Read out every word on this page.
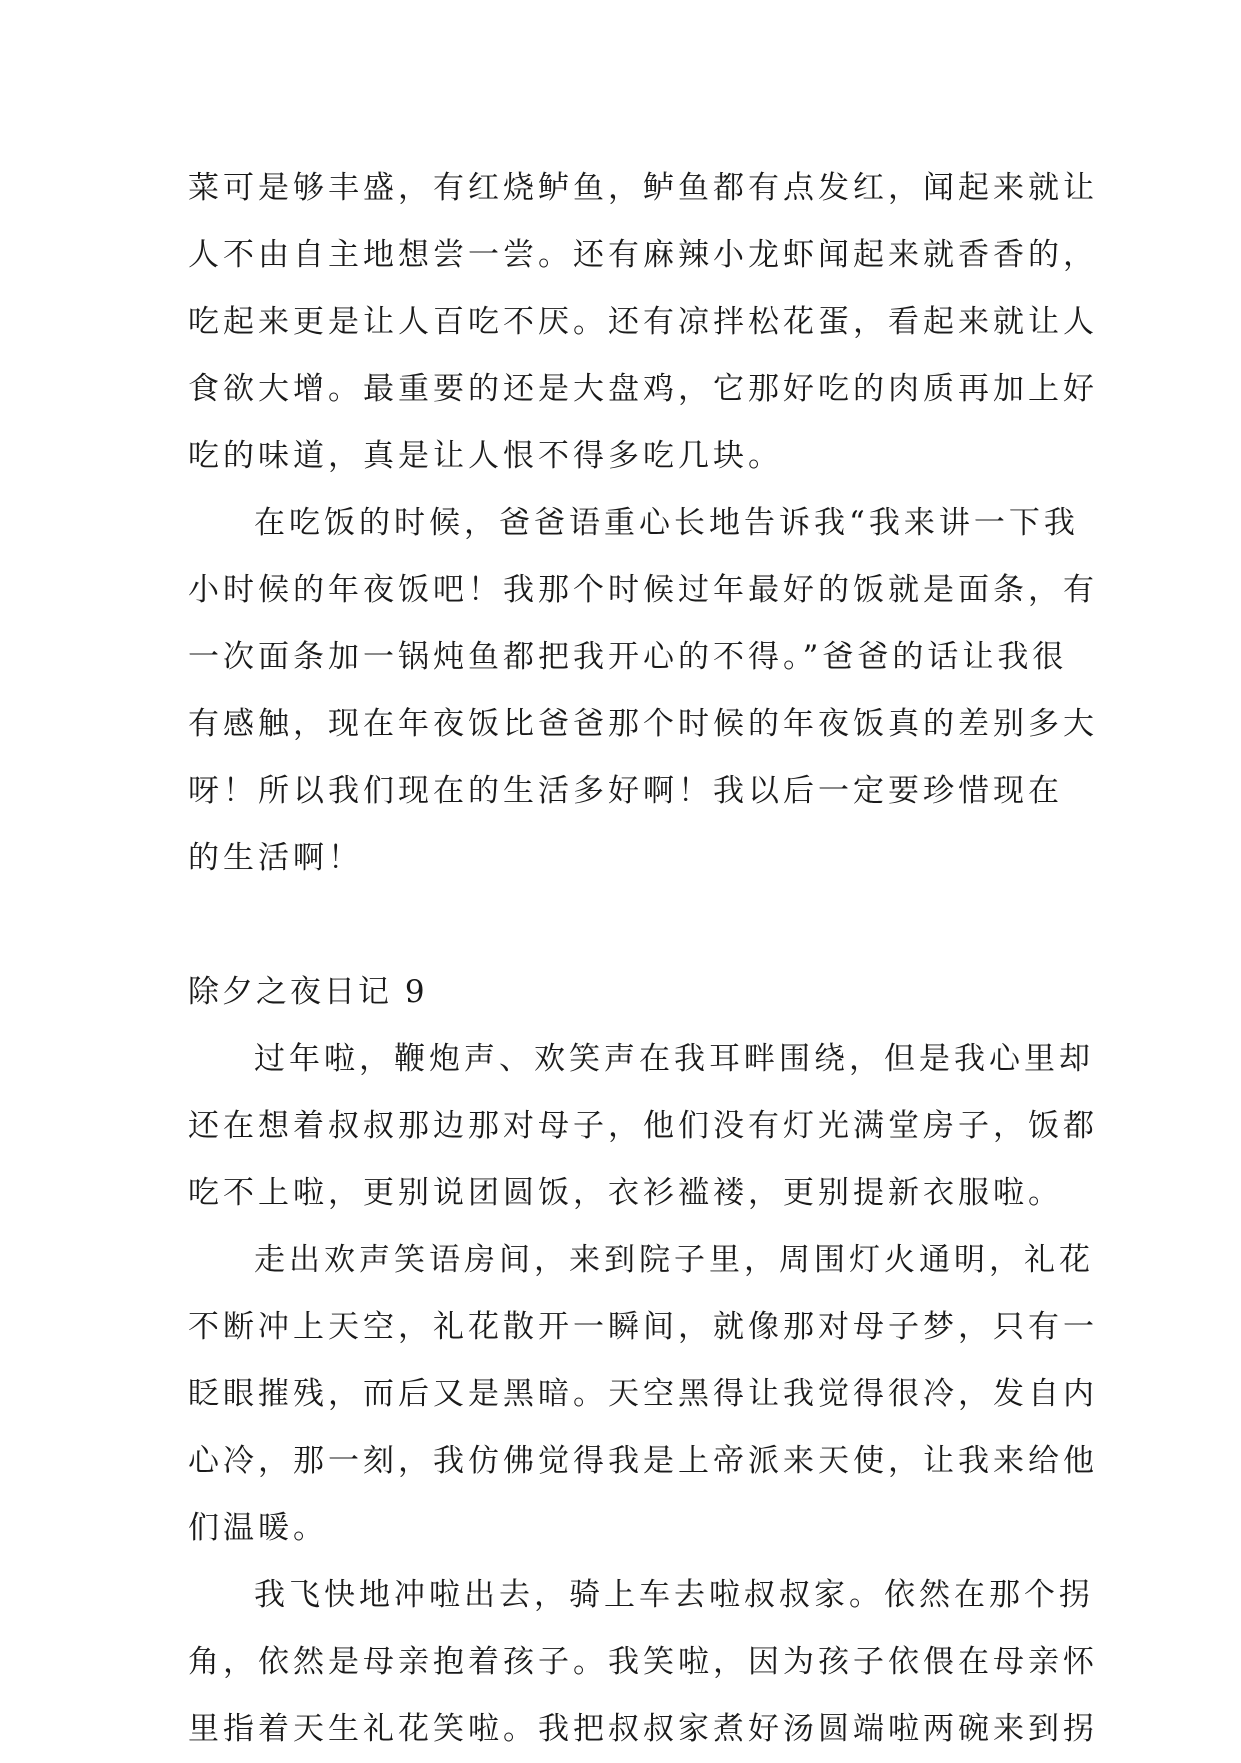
菜可是够丰盛，有红烧鲈鱼，鲈鱼都有点发红，闻起来就让
人不由自主地想尝一尝。还有麻辣小龙虾闻起来就香香的，
吃起来更是让人百吃不厌。还有凉拌松花蛋，看起来就让人
食欲大增。最重要的还是大盘鸡，它那好吃的肉质再加上好
吃的味道，真是让人恨不得多吃几块。
在吃饭的时候，爸爸语重心长地告诉我“我来讲一下我
小时候的年夜饭吧！我那个时候过年最好的饭就是面条，有
一次面条加一锅炖鱼都把我开心的不得。”爸爸的话让我很
有感触，现在年夜饭比爸爸那个时候的年夜饭真的差别多大
呀！所以我们现在的生活多好啊！我以后一定要珍惜现在
的生活啊！
除夕之夜日记 9
过年啦，鞭炮声、欢笑声在我耳畔围绕，但是我心里却
还在想着叔叔那边那对母子，他们没有灯光满堂房子，饭都
吃不上啦，更别说团圆饭，衣衫褴褛，更别提新衣服啦。
走出欢声笑语房间，来到院子里，周围灯火通明，礼花
不断冲上天空，礼花散开一瞬间，就像那对母子梦，只有一
眨眼摧残，而后又是黑暗。天空黑得让我觉得很冷，发自内
心冷，那一刻，我仿佛觉得我是上帝派来天使，让我来给他
们温暖。
我飞快地冲啦出去，骑上车去啦叔叔家。依然在那个拐
角，依然是母亲抱着孩子。我笑啦，因为孩子依偎在母亲怀
里指着天生礼花笑啦。我把叔叔家煮好汤圆端啦两碗来到拐
